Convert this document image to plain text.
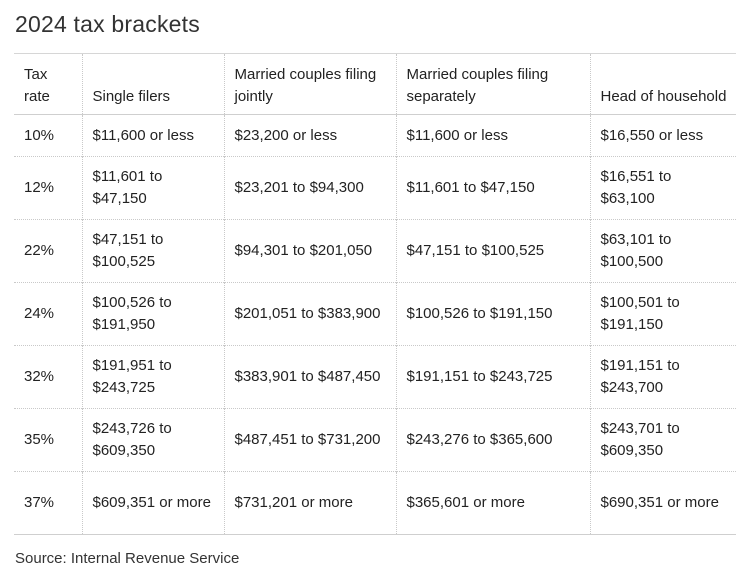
2024 tax brackets
Tax rate	Single filers	Married couples filing jointly	Married couples filing separately	Head of household
10%	$11,600 or less	$23,200 or less	$11,600 or less	$16,550 or less
12%	$11,601 to $47,150	$23,201 to $94,300	$11,601 to $47,150	$16,551 to $63,100
22%	$47,151 to $100,525	$94,301 to $201,050	$47,151 to $100,525	$63,101 to $100,500
24%	$100,526 to $191,950	$201,051 to $383,900	$100,526 to $191,150	$100,501 to $191,150
32%	$191,951 to $243,725	$383,901 to $487,450	$191,151 to $243,725	$191,151 to $243,700
35%	$243,726 to $609,350	$487,451 to $731,200	$243,276 to $365,600	$243,701 to $609,350
37%	$609,351 or more	$731,201 or more	$365,601 or more	$690,351 or more
Source: Internal Revenue Service
